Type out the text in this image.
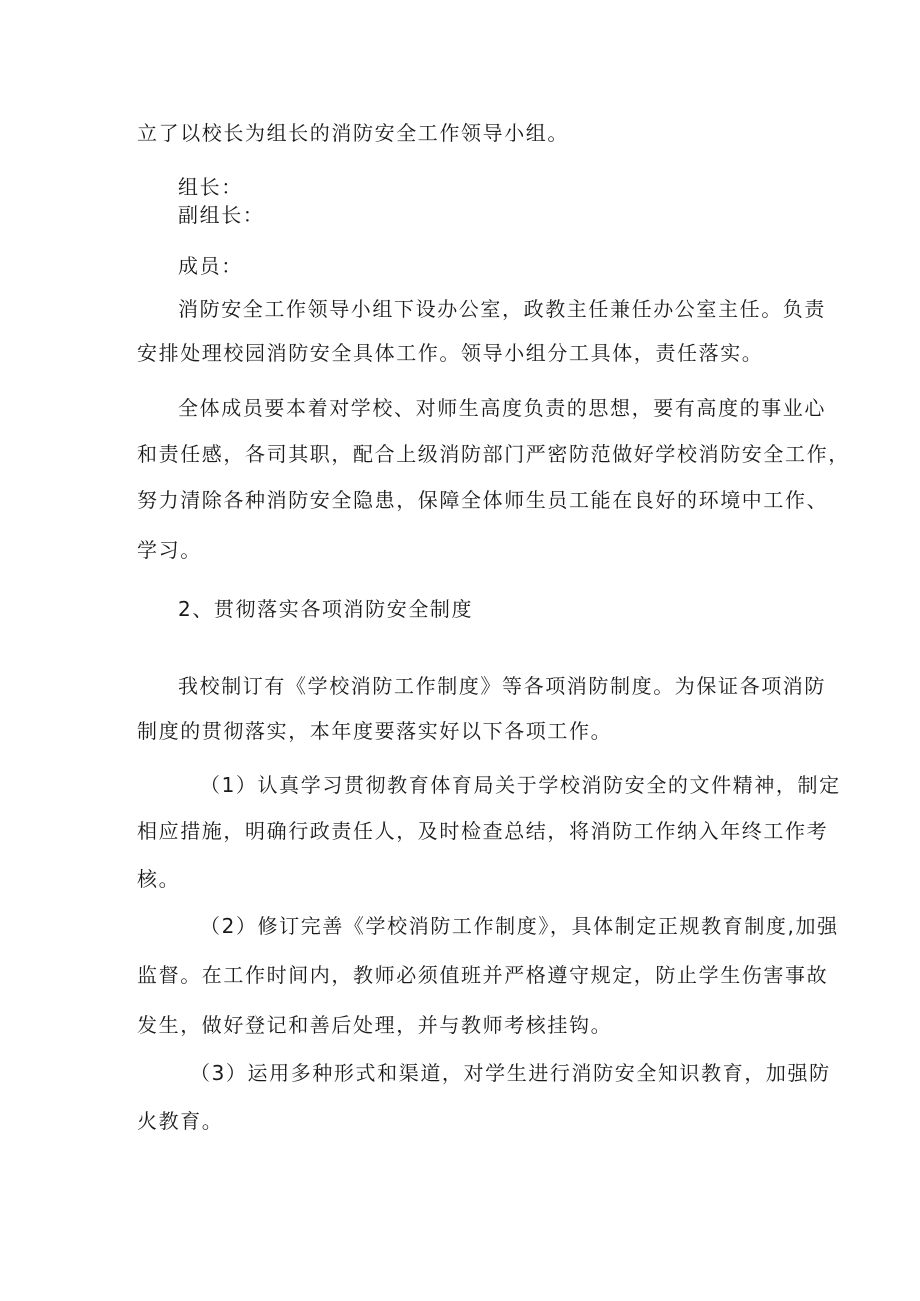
立了以校长为组长的消防安全工作领导小组。
组长：
副组长：
成员：
消防安全工作领导小组下设办公室，政教主任兼任办公室主任。负责
安排处理校园消防安全具体工作。领导小组分工具体，责任落实。
全体成员要本着对学校、对师生高度负责的思想，要有高度的事业心
和责任感，各司其职，配合上级消防部门严密防范做好学校消防安全工作，
努力清除各种消防安全隐患，保障全体师生员工能在良好的环境中工作、
学习。
2、贯彻落实各项消防安全制度
我校制订有《学校消防工作制度》等各项消防制度。为保证各项消防
制度的贯彻落实，本年度要落实好以下各项工作。
（1）认真学习贯彻教育体育局关于学校消防安全的文件精神，制定
相应措施，明确行政责任人，及时检查总结，将消防工作纳入年终工作考
核。
（2）修订完善《学校消防工作制度》，具体制定正规教育制度,加强
监督。在工作时间内，教师必须值班并严格遵守规定，防止学生伤害事故
发生，做好登记和善后处理，并与教师考核挂钩。
（3）运用多种形式和渠道，对学生进行消防安全知识教育，加强防
火教育。
